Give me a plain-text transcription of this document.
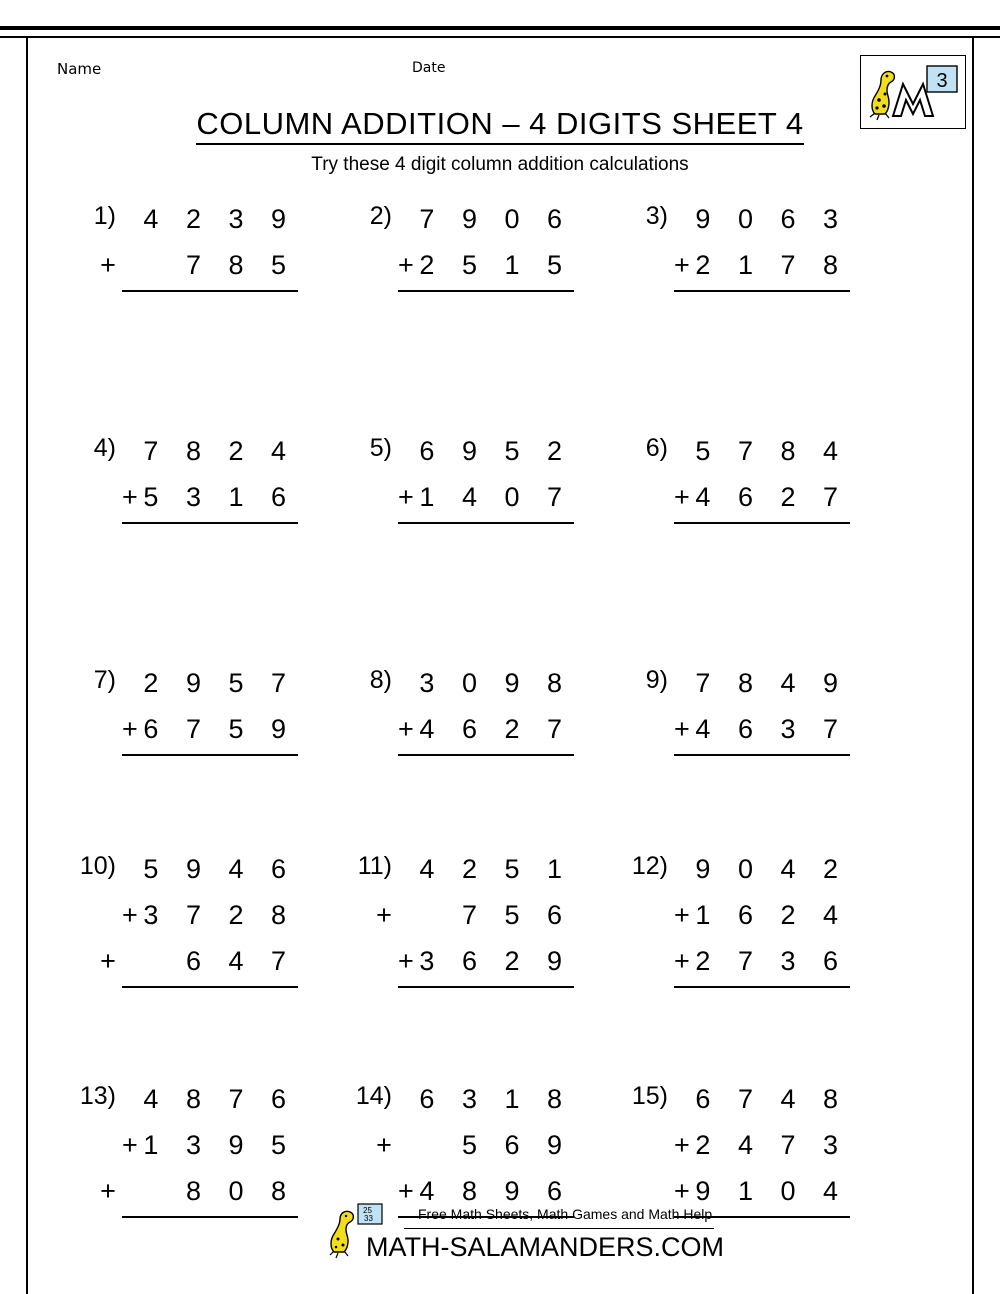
Name	Date
3
COLUMN ADDITION – 4 DIGITS SHEET 4
Try these 4 digit column addition calculations
1) 4 2 3 9
+ 7 8 5
2) 7 9 0 6
+ 2 5 1 5
3) 9 0 6 3
+ 2 1 7 8
4) 7 8 2 4
+ 5 3 1 6
5) 6 9 5 2
+ 1 4 0 7
6) 5 7 8 4
+ 4 6 2 7
7) 2 9 5 7
+ 6 7 5 9
8) 3 0 9 8
+ 4 6 2 7
9) 7 8 4 9
+ 4 6 3 7
10) 5 9 4 6
+ 3 7 2 8
+ 6 4 7
11) 4 2 5 1
+ 7 5 6
+ 3 6 2 9
12) 9 0 4 2
+ 1 6 2 4
+ 2 7 3 6
13) 4 8 7 6
+ 1 3 9 5
+ 8 0 8
14) 6 3 1 8
+ 5 6 9
+ 4 8 9 6
15) 6 7 4 8
+ 2 4 7 3
+ 9 1 0 4
Free Math Sheets, Math Games and Math Help
MATH-SALAMANDERS.COM
25
33
